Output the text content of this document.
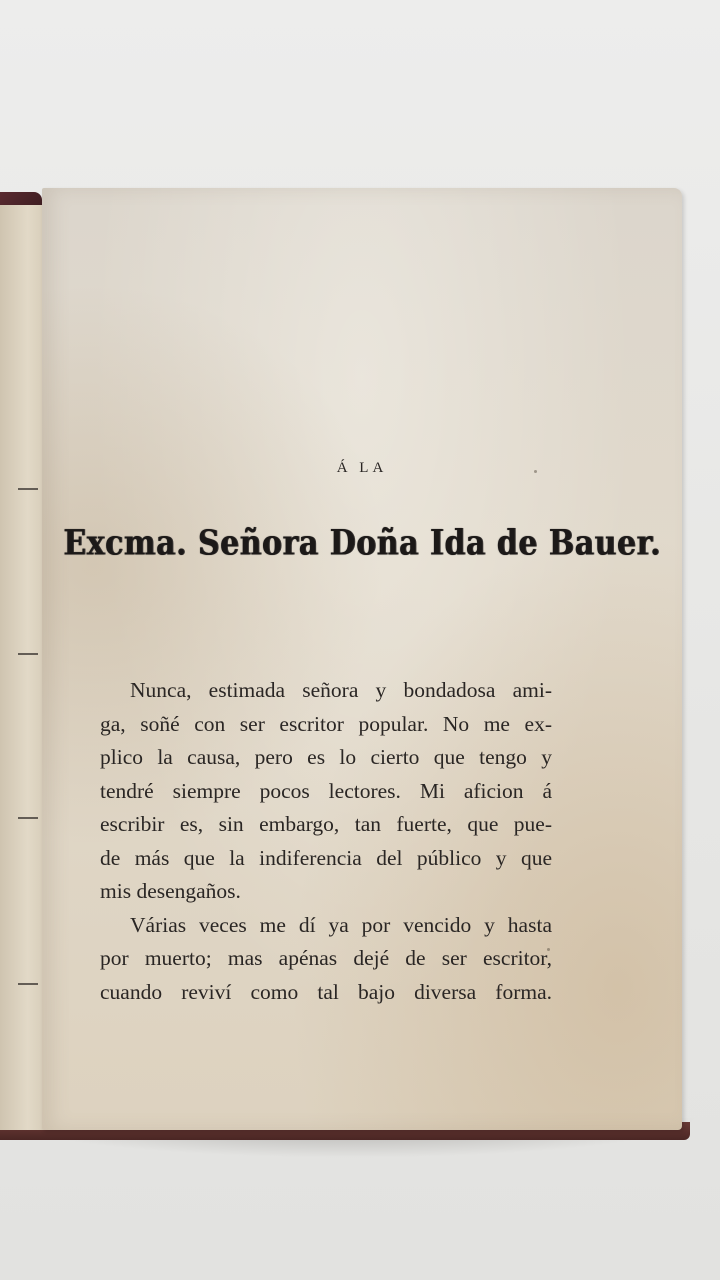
Á LA
Excma. Señora Doña Ida de Bauer.
Nunca, estimada señora y bondadosa ami-
ga, soñé con ser escritor popular. No me ex-
plico la causa, pero es lo cierto que tengo y
tendré siempre pocos lectores. Mi aficion á
escribir es, sin embargo, tan fuerte, que pue-
de más que la indiferencia del público y que
mis desengaños.
Várias veces me dí ya por vencido y hasta
por muerto; mas apénas dejé de ser escritor,
cuando reviví como tal bajo diversa forma.
